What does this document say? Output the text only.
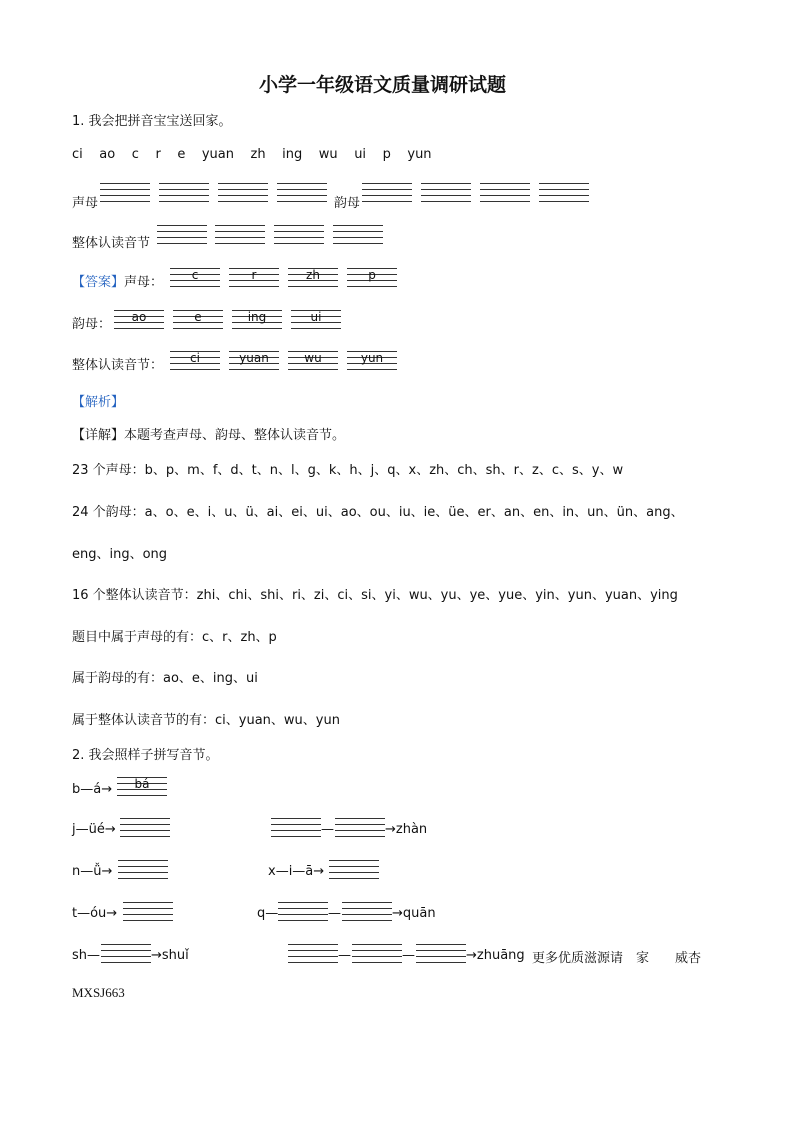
小学一年级语文质量调研试题
1. 我会把拼音宝宝送回家。
ci ao c r e yuan zh ing wu ui p yun
声母	韵母
整体认读音节
【答案】声母：	c	r	zh	p
韵母：	ao	e	ing	ui
整体认读音节：	ci	yuan	wu	yun
【解析】
【详解】本题考查声母、韵母、整体认读音节。
23 个声母：b、p、m、f、d、t、n、l、g、k、h、j、q、x、zh、ch、sh、r、z、c、s、y、w
24 个韵母：a、o、e、i、u、ü、ai、ei、ui、ao、ou、iu、ie、üe、er、an、en、in、un、ün、ang、
eng、ing、ong
16 个整体认读音节：zhi、chi、shi、ri、zi、ci、si、yi、wu、yu、ye、yue、yin、yun、yuan、ying
题目中属于声母的有：c、r、zh、p
属于韵母的有：ao、e、ing、ui
属于整体认读音节的有：ci、yuan、wu、yun
2. 我会照样子拼写音节。
b—á→	bá
j—üé→	—	→zhàn
n—ǚ→	x—i—ā→
t—óu→	q—	—	→quān
sh—	→shuǐ	—	—	→zhuāng 更多优质滋源请　家　　威杏
MXSJ663
